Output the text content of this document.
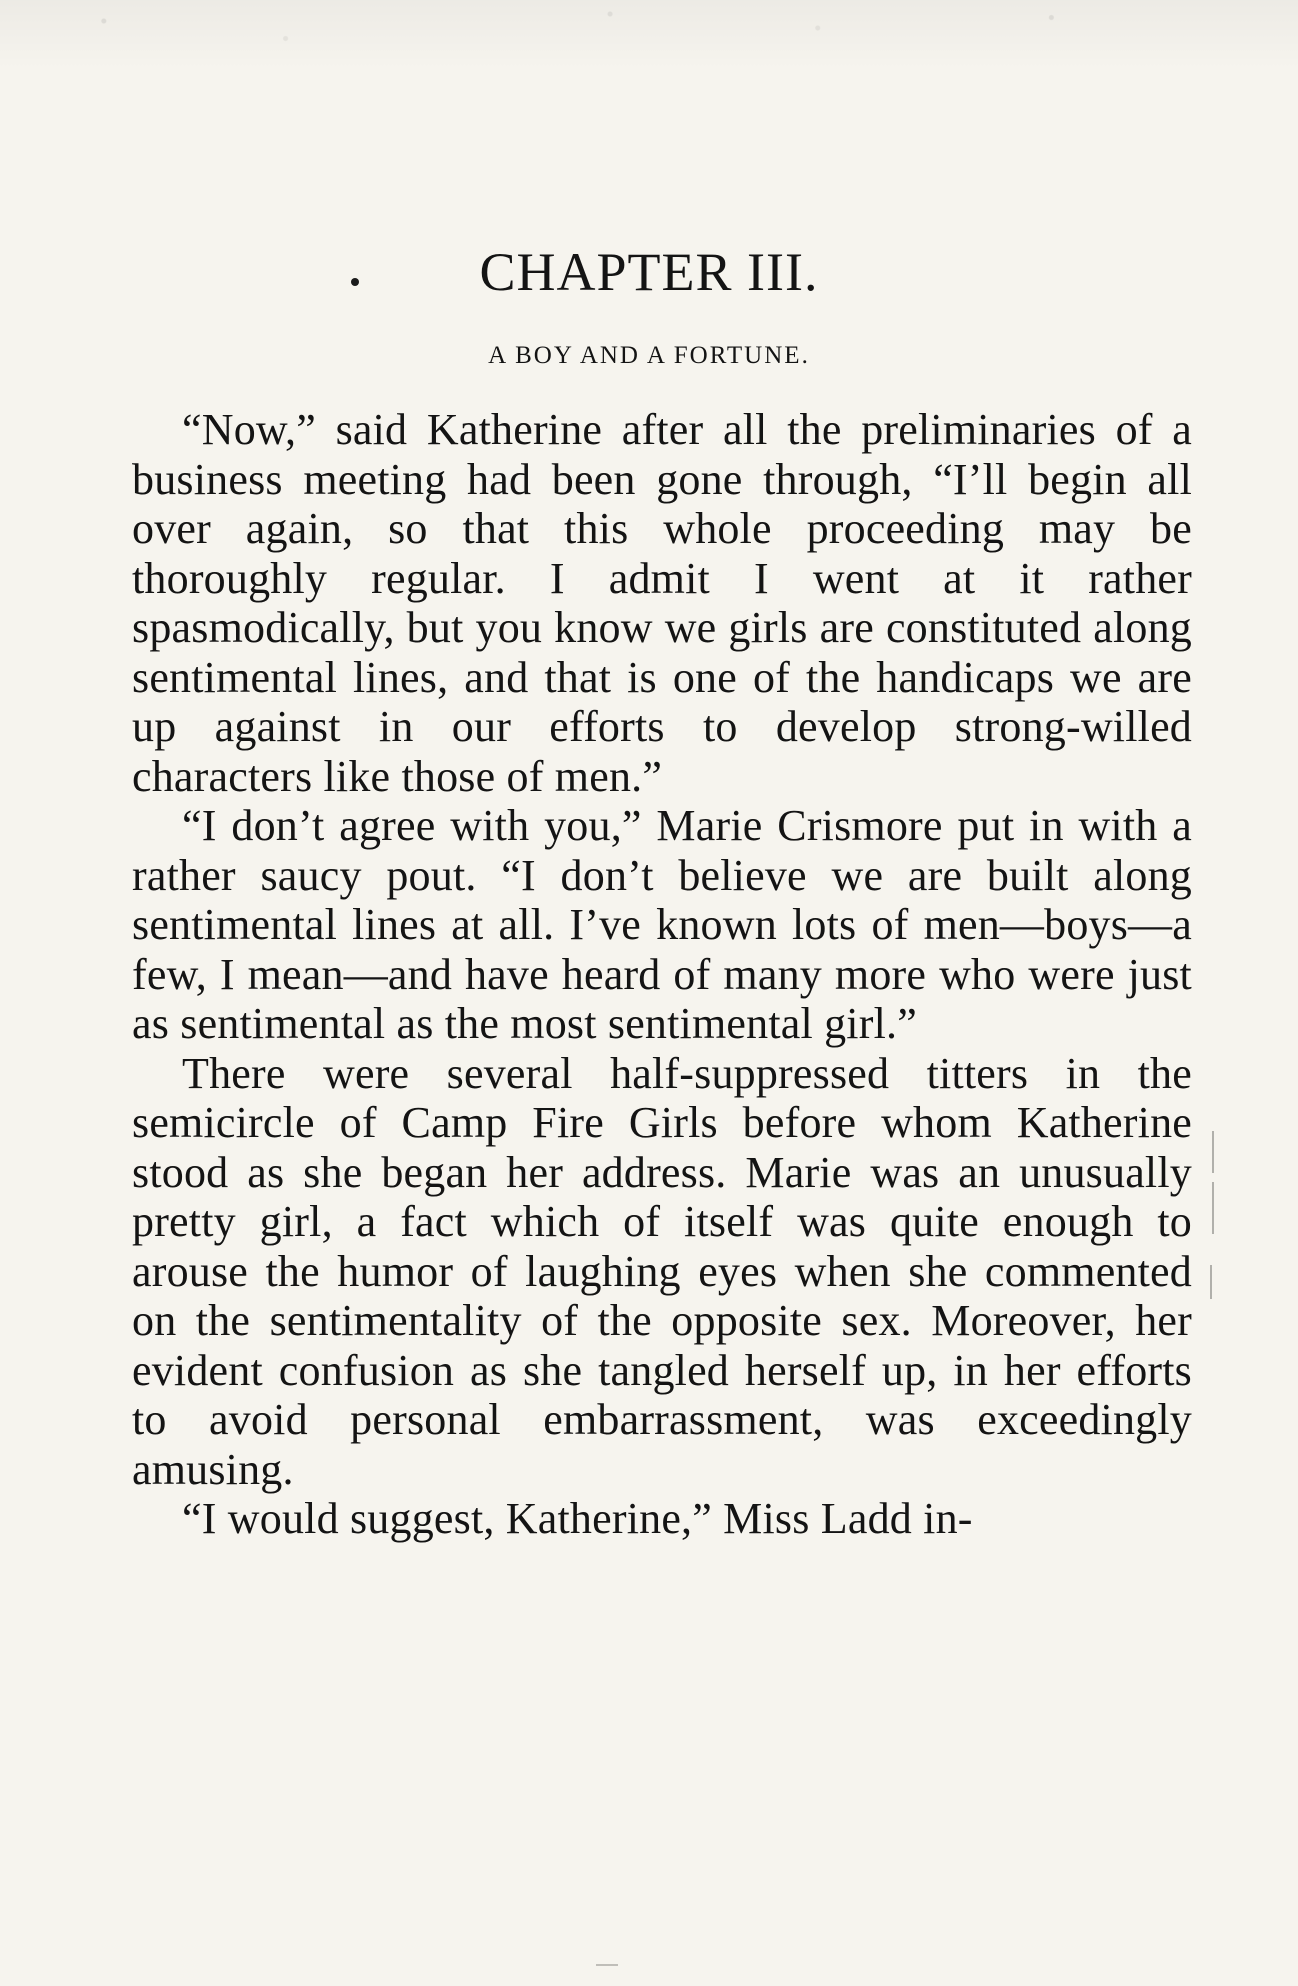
CHAPTER III.
A BOY AND A FORTUNE.

“Now,” said Katherine after all the preliminaries of a business meeting had been gone through, “I’ll begin all over again, so that this whole proceeding may be thoroughly regular. I admit I went at it rather spasmodically, but you know we girls are constituted along sentimental lines, and that is one of the handicaps we are up against in our efforts to develop strong-willed characters like those of men.”

“I don’t agree with you,” Marie Crismore put in with a rather saucy pout. “I don’t believe we are built along sentimental lines at all. I’ve known lots of men—boys—a few, I mean—and have heard of many more who were just as sentimental as the most sentimental girl.”

There were several half-suppressed titters in the semicircle of Camp Fire Girls before whom Katherine stood as she began her address. Marie was an unusually pretty girl, a fact which of itself was quite enough to arouse the humor of laughing eyes when she commented on the sentimentality of the opposite sex. Moreover, her evident confusion as she tangled herself up, in her efforts to avoid personal embarrassment, was exceedingly amusing.

“I would suggest, Katherine,” Miss Ladd in-
